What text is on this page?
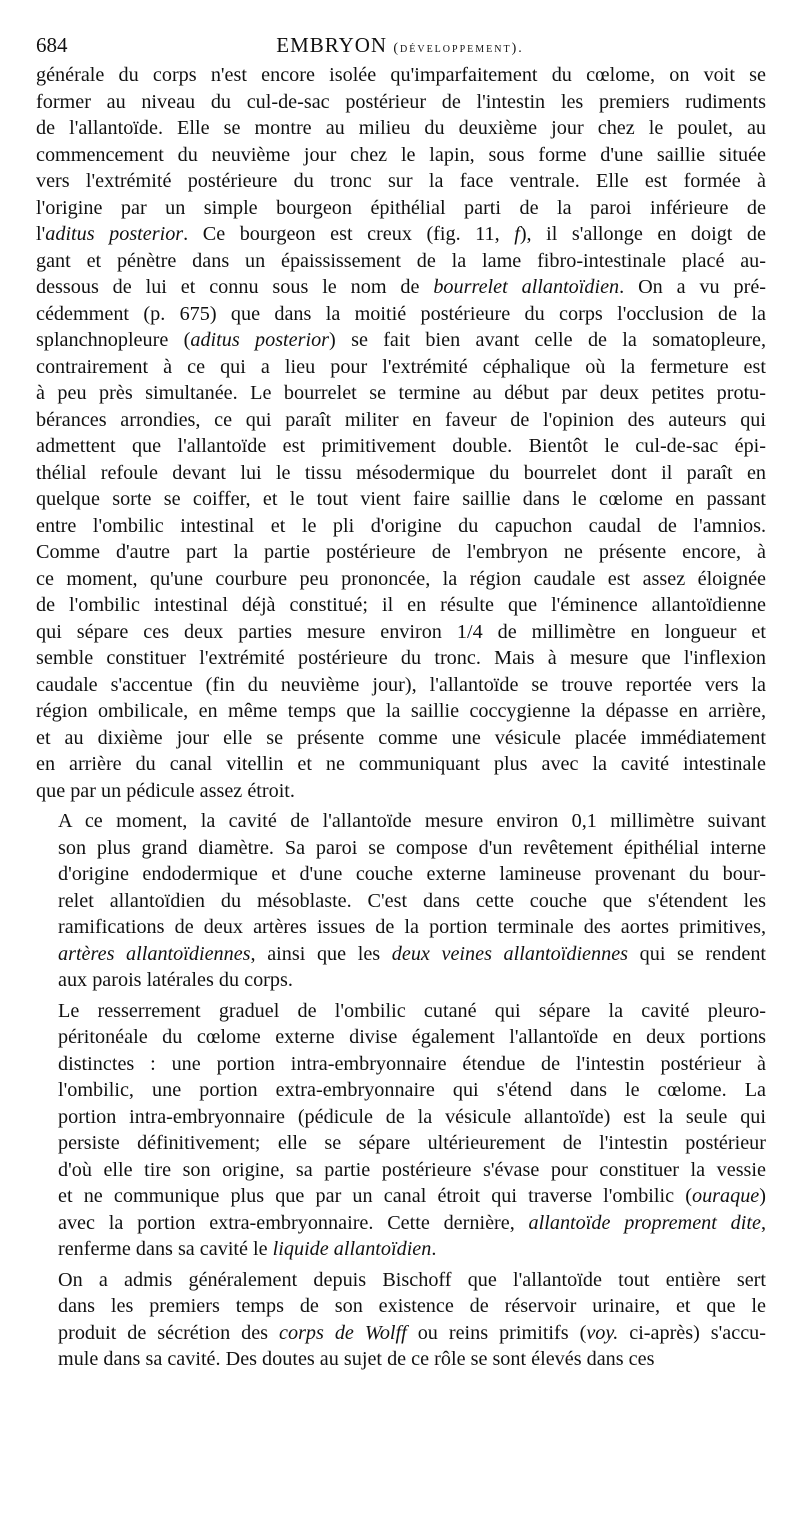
684	EMBRYON (développement).
générale du corps n'est encore isolée qu'imparfaitement du cœlome, on voit se
former au niveau du cul-de-sac postérieur de l'intestin les premiers rudiments
de l'allantoïde. Elle se montre au milieu du deuxième jour chez le poulet, au
commencement du neuvième jour chez le lapin, sous forme d'une saillie située
vers l'extrémité postérieure du tronc sur la face ventrale. Elle est formée à
l'origine par un simple bourgeon épithélial parti de la paroi inférieure de
l'aditus posterior. Ce bourgeon est creux (fig. 11, f), il s'allonge en doigt de
gant et pénètre dans un épaississement de la lame fibro-intestinale placé au-
dessous de lui et connu sous le nom de bourrelet allantoïdien. On a vu pré-
cédemment (p. 675) que dans la moitié postérieure du corps l'occlusion de la
splanchnopleure (aditus posterior) se fait bien avant celle de la somatopleure,
contrairement à ce qui a lieu pour l'extrémité céphalique où la fermeture est
à peu près simultanée. Le bourrelet se termine au début par deux petites protu-
bérances arrondies, ce qui paraît militer en faveur de l'opinion des auteurs qui
admettent que l'allantoïde est primitivement double. Bientôt le cul-de-sac épi-
thélial refoule devant lui le tissu mésodermique du bourrelet dont il paraît en
quelque sorte se coiffer, et le tout vient faire saillie dans le cœlome en passant
entre l'ombilic intestinal et le pli d'origine du capuchon caudal de l'amnios.
Comme d'autre part la partie postérieure de l'embryon ne présente encore, à
ce moment, qu'une courbure peu prononcée, la région caudale est assez éloignée
de l'ombilic intestinal déjà constitué; il en résulte que l'éminence allantoïdienne
qui sépare ces deux parties mesure environ 1/4 de millimètre en longueur et
semble constituer l'extrémité postérieure du tronc. Mais à mesure que l'inflexion
caudale s'accentue (fin du neuvième jour), l'allantoïde se trouve reportée vers la
région ombilicale, en même temps que la saillie coccygienne la dépasse en arrière,
et au dixième jour elle se présente comme une vésicule placée immédiatement
en arrière du canal vitellin et ne communiquant plus avec la cavité intestinale
que par un pédicule assez étroit.
A ce moment, la cavité de l'allantoïde mesure environ 0,1 millimètre suivant
son plus grand diamètre. Sa paroi se compose d'un revêtement épithélial interne
d'origine endodermique et d'une couche externe lamineuse provenant du bour-
relet allantoïdien du mésoblaste. C'est dans cette couche que s'étendent les
ramifications de deux artères issues de la portion terminale des aortes primitives,
artères allantoïdiennes, ainsi que les deux veines allantoïdiennes qui se rendent
aux parois latérales du corps.
Le resserrement graduel de l'ombilic cutané qui sépare la cavité pleuro-
péritonéale du cœlome externe divise également l'allantoïde en deux portions
distinctes : une portion intra-embryonnaire étendue de l'intestin postérieur à
l'ombilic, une portion extra-embryonnaire qui s'étend dans le cœlome. La
portion intra-embryonnaire (pédicule de la vésicule allantoïde) est la seule qui
persiste définitivement; elle se sépare ultérieurement de l'intestin postérieur
d'où elle tire son origine, sa partie postérieure s'évase pour constituer la vessie
et ne communique plus que par un canal étroit qui traverse l'ombilic (ouraque)
avec la portion extra-embryonnaire. Cette dernière, allantoïde proprement dite,
renferme dans sa cavité le liquide allantoïdien.
On a admis généralement depuis Bischoff que l'allantoïde tout entière sert
dans les premiers temps de son existence de réservoir urinaire, et que le
produit de sécrétion des corps de Wolff ou reins primitifs (voy. ci-après) s'accu-
mule dans sa cavité. Des doutes au sujet de ce rôle se sont élevés dans ces
